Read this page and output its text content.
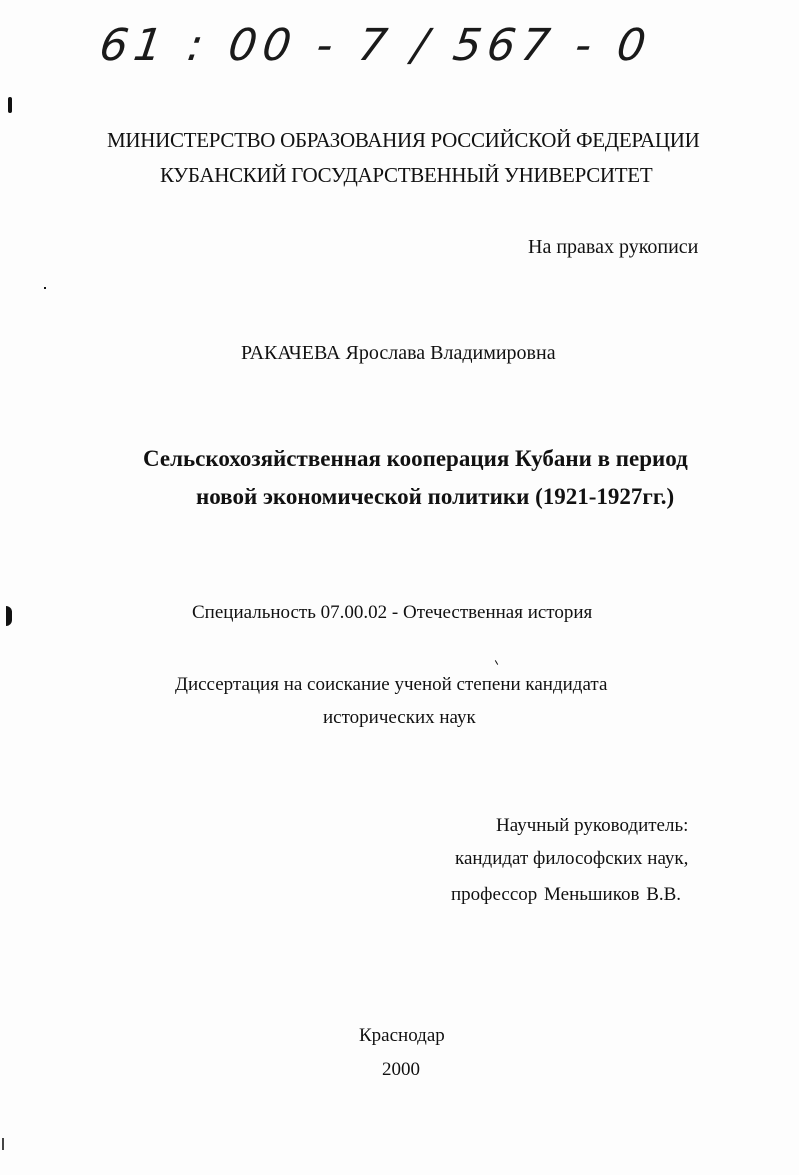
61 : 00 - 7 / 567 - 0
МИНИСТЕРСТВО ОБРАЗОВАНИЯ РОССИЙСКОЙ ФЕДЕРАЦИИ
КУБАНСКИЙ ГОСУДАРСТВЕННЫЙ УНИВЕРСИТЕТ
На правах рукописи
РАКАЧЕВА Ярослава Владимировна
Сельскохозяйственная кооперация Кубани в период
новой экономической политики (1921-1927гг.)
Специальность 07.00.02 - Отечественная история
Диссертация на соискание ученой степени кандидата
исторических наук
Научный руководитель:
кандидат философских наук,
профессор Меньшиков В.В.
Краснодар
2000
